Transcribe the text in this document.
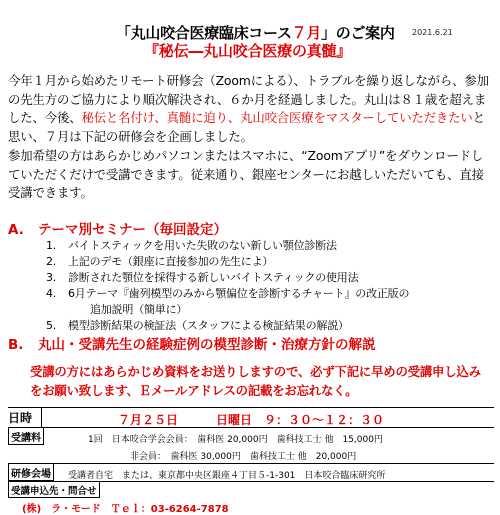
「丸山咬合医療臨床コース７月」のご案内 2021.6.21
『秘伝―丸山咬合医療の真髄』

今年１月から始めたリモート研修会（Zoomによる）、トラブルを繰り返しながら、参加の先生方のご協力により順次解決され、６か月を経過しました。丸山は８１歳を超えました、今後、秘伝と名付け、真髄に迫り、丸山咬合医療をマスターしていただきたいと思い、７月は下記の研修会を企画しました。

参加希望の方はあらかじめパソコンまたはスマホに、“Zoomアプリ”をダウンロードしていただくだけで受講できます。従来通り、銀座センターにお越しいただいても、直接受講できます。

A. テーマ別セミナー（毎回設定）
1. バイトスティックを用いた失敗のない新しい顎位診断法
2. 上記のデモ（銀座に直接参加の先生によ）
3. 診断された顎位を採得する新しいバイトスティックの使用法
4. 6月テーマ『歯列模型のみから顎偏位を診断するチャート』の改正版の
追加説明（簡単に）
5. 模型診断結果の検証法（スタッフによる検証結果の解説）
B. 丸山・受講先生の経験症例の模型診断・治療方針の解説
受講の方にはあらかじめ資料をお送りしますので、必ず下記に早めの受講申し込みをお願い致します、Ｅメールアドレスの記載をお忘れなく。
日時	７月２５日	日曜日　９：３０～１２：３０
受講料	1回　日本咬合学会会員：　歯科医 20,000円　歯科技工士 他　15,000円
非会員：　歯科医 30,000円　歯科技工士 他　20,000円
研修会場	受講者自宅　または、東京都中央区銀座４丁目５-1-301　日本咬合臨床研究所
受講申込先・問合せ
(株)　ラ・モード　Ｔｅｌ：03-6264-7878
